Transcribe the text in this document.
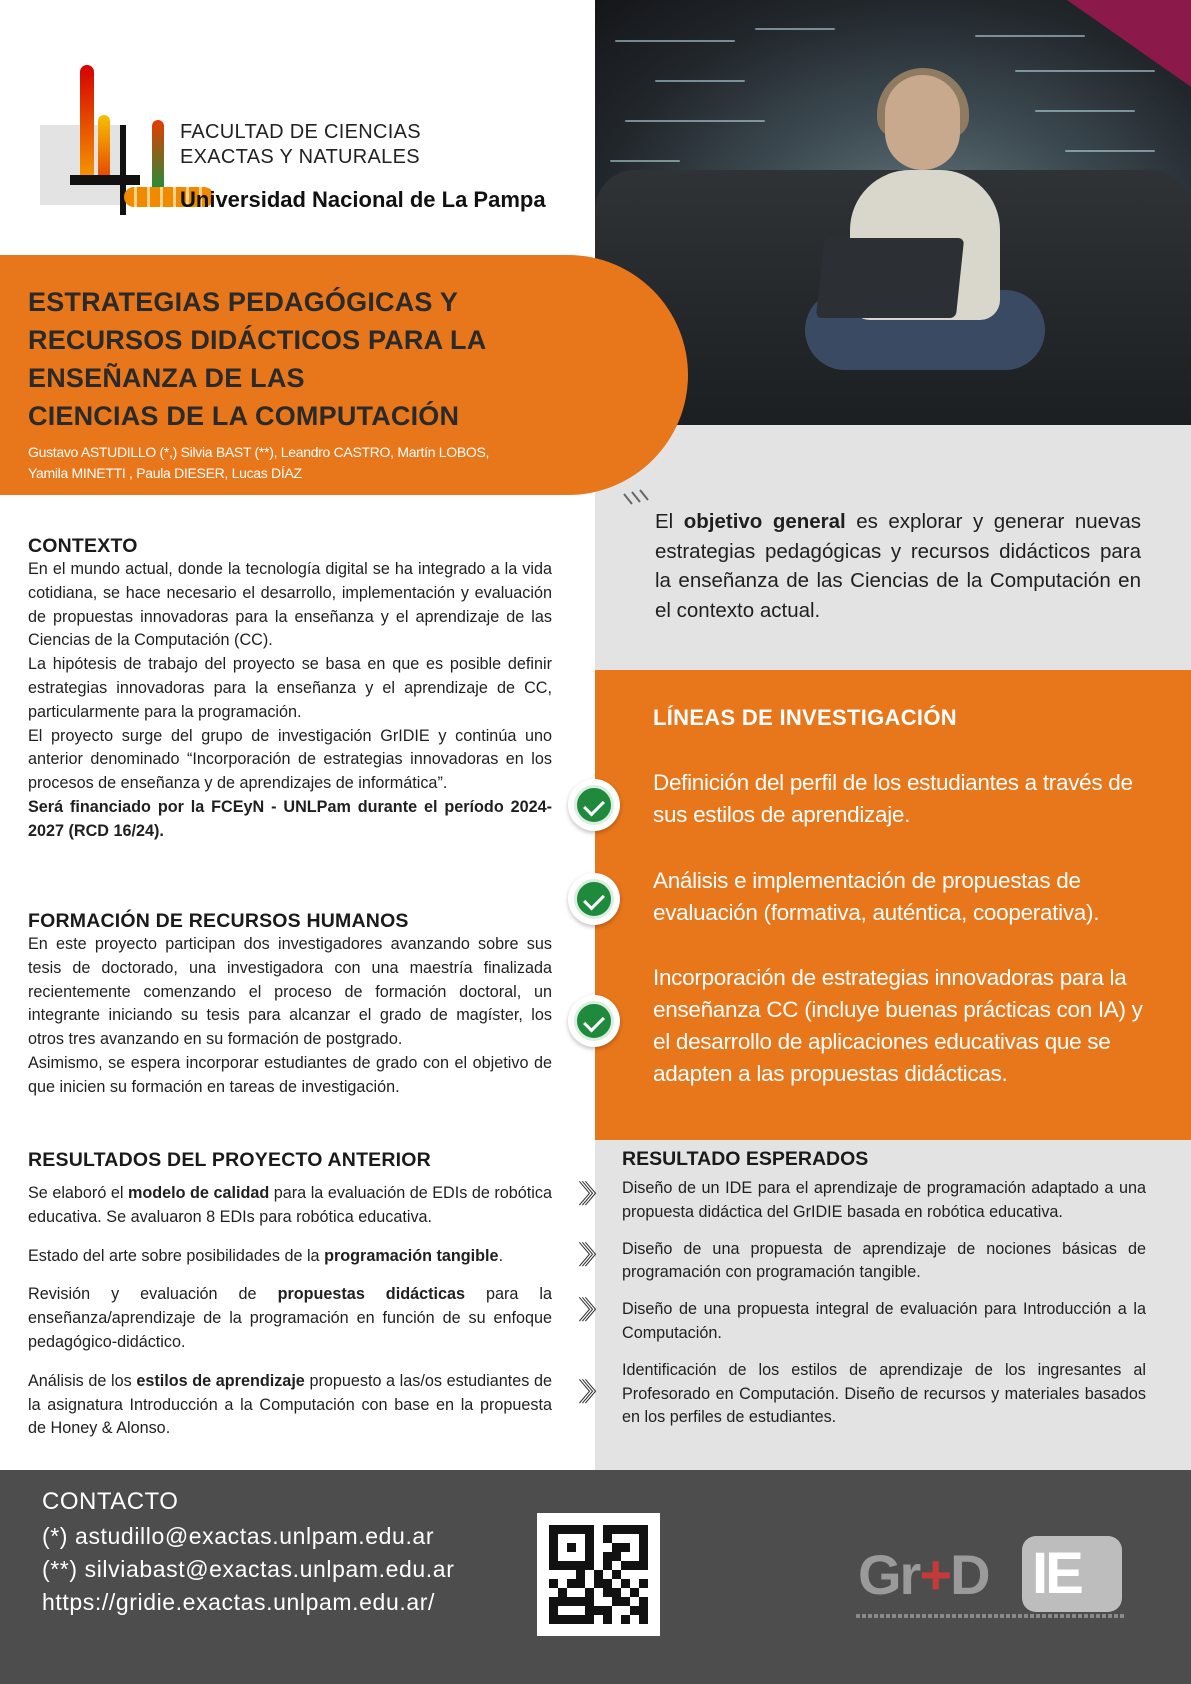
FACULTAD DE CIENCIAS
EXACTAS Y NATURALES
Universidad Nacional de La Pampa
ESTRATEGIAS PEDAGÓGICAS Y
RECURSOS DIDÁCTICOS PARA LA
ENSEÑANZA DE LAS
CIENCIAS DE LA COMPUTACIÓN
Gustavo ASTUDILLO (*,) Silvia BAST (**), Leandro CASTRO, Martín LOBOS,
Yamila MINETTI , Paula DIESER, Lucas DÍAZ
CONTEXTO

En el mundo actual, donde la tecnología digital se ha integrado a la vida cotidiana, se hace necesario el desarrollo, implementación y evaluación de propuestas innovadoras para la enseñanza y el aprendizaje de las Ciencias de la Computación (CC).

La hipótesis de trabajo del proyecto se basa en que es posible definir estrategias innovadoras para la enseñanza y el aprendizaje de CC, particularmente para la programación.

El proyecto surge del grupo de investigación GrIDIE y continúa uno anterior denominado “Incorporación de estrategias innovadoras en los procesos de enseñanza y de aprendizajes de informática”.

Será financiado por la FCEyN - UNLPam durante el período 2024-2027 (RCD 16/24).

FORMACIÓN DE RECURSOS HUMANOS

En este proyecto participan dos investigadores avanzando sobre sus tesis de doctorado, una investigadora con una maestría finalizada recientemente comenzando el proceso de formación doctoral, un integrante iniciando su tesis para alcanzar el grado de magíster, los otros tres avanzando en su formación de postgrado.

Asimismo, se espera incorporar estudiantes de grado con el objetivo de que inicien su formación en tareas de investigación.

RESULTADOS DEL PROYECTO ANTERIOR

Se elaboró el modelo de calidad para la evaluación de EDIs de robótica educativa. Se avaluaron 8 EDIs para robótica educativa.

Estado del arte sobre posibilidades de la programación tangible.

Revisión y evaluación de propuestas didácticas para la enseñanza/aprendizaje de la programación en función de su enfoque pedagógico-didáctico.

Análisis de los estilos de aprendizaje propuesto a las/os estudiantes de la asignatura Introducción a la Computación con base en la propuesta de Honey & Alonso.

El objetivo general es explorar y generar nuevas estrategias pedagógicas y recursos didácticos para la enseñanza de las Ciencias de la Computación en el contexto actual.

LÍNEAS DE INVESTIGACIÓN
Definición del perfil de los estudiantes a través de sus estilos de aprendizaje.
Análisis e implementación de propuestas de evaluación (formativa, auténtica, cooperativa).
Incorporación de estrategias innovadoras para la enseñanza CC (incluye buenas prácticas con IA) y el desarrollo de aplicaciones educativas que se adapten a las propuestas didácticas.
RESULTADO ESPERADOS

Diseño de un IDE para el aprendizaje de programación adaptado a una propuesta didáctica del GrIDIE basada en robótica educativa.

Diseño de una propuesta de aprendizaje de nociones básicas de programación con programación tangible.

Diseño de una propuesta integral de evaluación para Introducción a la Computación.

Identificación de los estilos de aprendizaje de los ingresantes al Profesorado en Computación. Diseño de recursos y materiales basados en los perfiles de estudiantes.

〉〉〉
〉〉〉
〉〉〉
〉〉〉
CONTACTO
(*) astudillo@exactas.unlpam.edu.ar
(**) silviabast@exactas.unlpam.edu.ar
https://gridie.exactas.unlpam.edu.ar/	Gr+D IE
